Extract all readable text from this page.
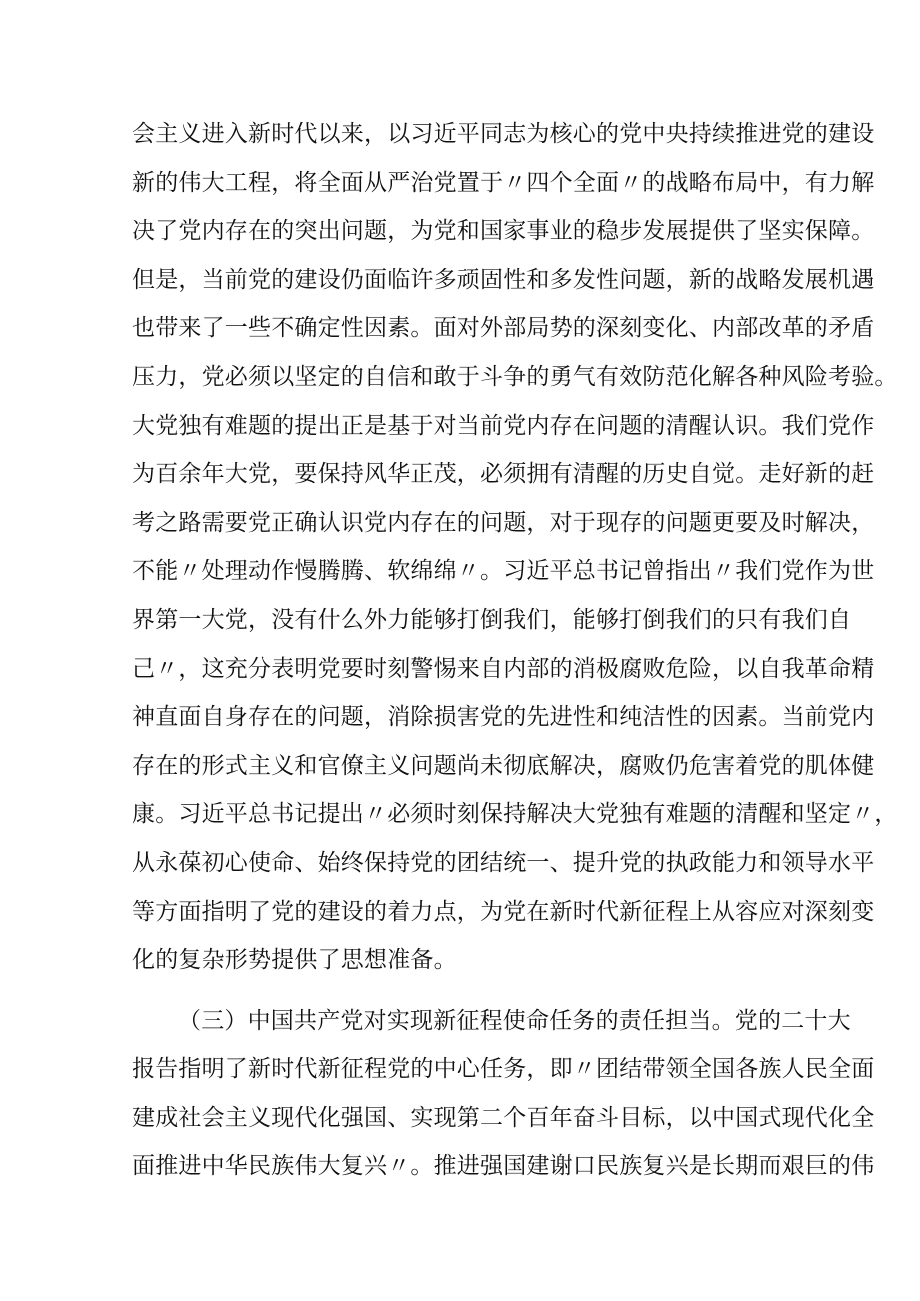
会主义进入新时代以来，以习近平同志为核心的党中央持续推进党的建设
新的伟大工程，将全面从严治党置于〃四个全面〃的战略布局中，有力解
决了党内存在的突出问题，为党和国家事业的稳步发展提供了坚实保障。
但是，当前党的建设仍面临许多顽固性和多发性问题，新的战略发展机遇
也带来了一些不确定性因素。面对外部局势的深刻变化、内部改革的矛盾
压力，党必须以坚定的自信和敢于斗争的勇气有效防范化解各种风险考验。
大党独有难题的提出正是基于对当前党内存在问题的清醒认识。我们党作
为百余年大党，要保持风华正茂，必须拥有清醒的历史自觉。走好新的赶
考之路需要党正确认识党内存在的问题，对于现存的问题更要及时解决，
不能〃处理动作慢腾腾、软绵绵〃。习近平总书记曾指出〃我们党作为世
界第一大党，没有什么外力能够打倒我们，能够打倒我们的只有我们自
己〃，这充分表明党要时刻警惕来自内部的消极腐败危险，以自我革命精
神直面自身存在的问题，消除损害党的先进性和纯洁性的因素。当前党内
存在的形式主义和官僚主义问题尚未彻底解决，腐败仍危害着党的肌体健
康。习近平总书记提出〃必须时刻保持解决大党独有难题的清醒和坚定〃，
从永葆初心使命、始终保持党的团结统一、提升党的执政能力和领导水平
等方面指明了党的建设的着力点，为党在新时代新征程上从容应对深刻变
化的复杂形势提供了思想准备。
（三）中国共产党对实现新征程使命任务的责任担当。党的二十大
报告指明了新时代新征程党的中心任务，即〃团结带领全国各族人民全面
建成社会主义现代化强国、实现第二个百年奋斗目标，以中国式现代化全
面推进中华民族伟大复兴〃。推进强国建谢口民族复兴是长期而艰巨的伟
